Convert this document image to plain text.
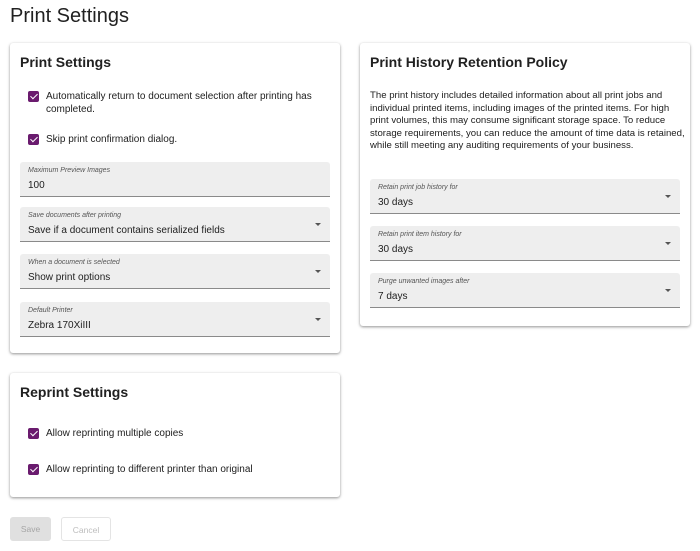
Print Settings
Print Settings
Automatically return to document selection after printing has completed.
Skip print confirmation dialog.
Maximum Preview Images
100
Save documents after printing
Save if a document contains serialized fields
When a document is selected
Show print options
Default Printer
Zebra 170XiIII
Print History Retention Policy
The print history includes detailed information about all print jobs and individual printed items, including images of the printed items. For high print volumes, this may consume significant storage space. To reduce storage requirements, you can reduce the amount of time data is retained, while still meeting any auditing requirements of your business.
Retain print job history for
30 days
Retain print item history for
30 days
Purge unwanted images after
7 days
Reprint Settings
Allow reprinting multiple copies
Allow reprinting to different printer than original
Save	Cancel
